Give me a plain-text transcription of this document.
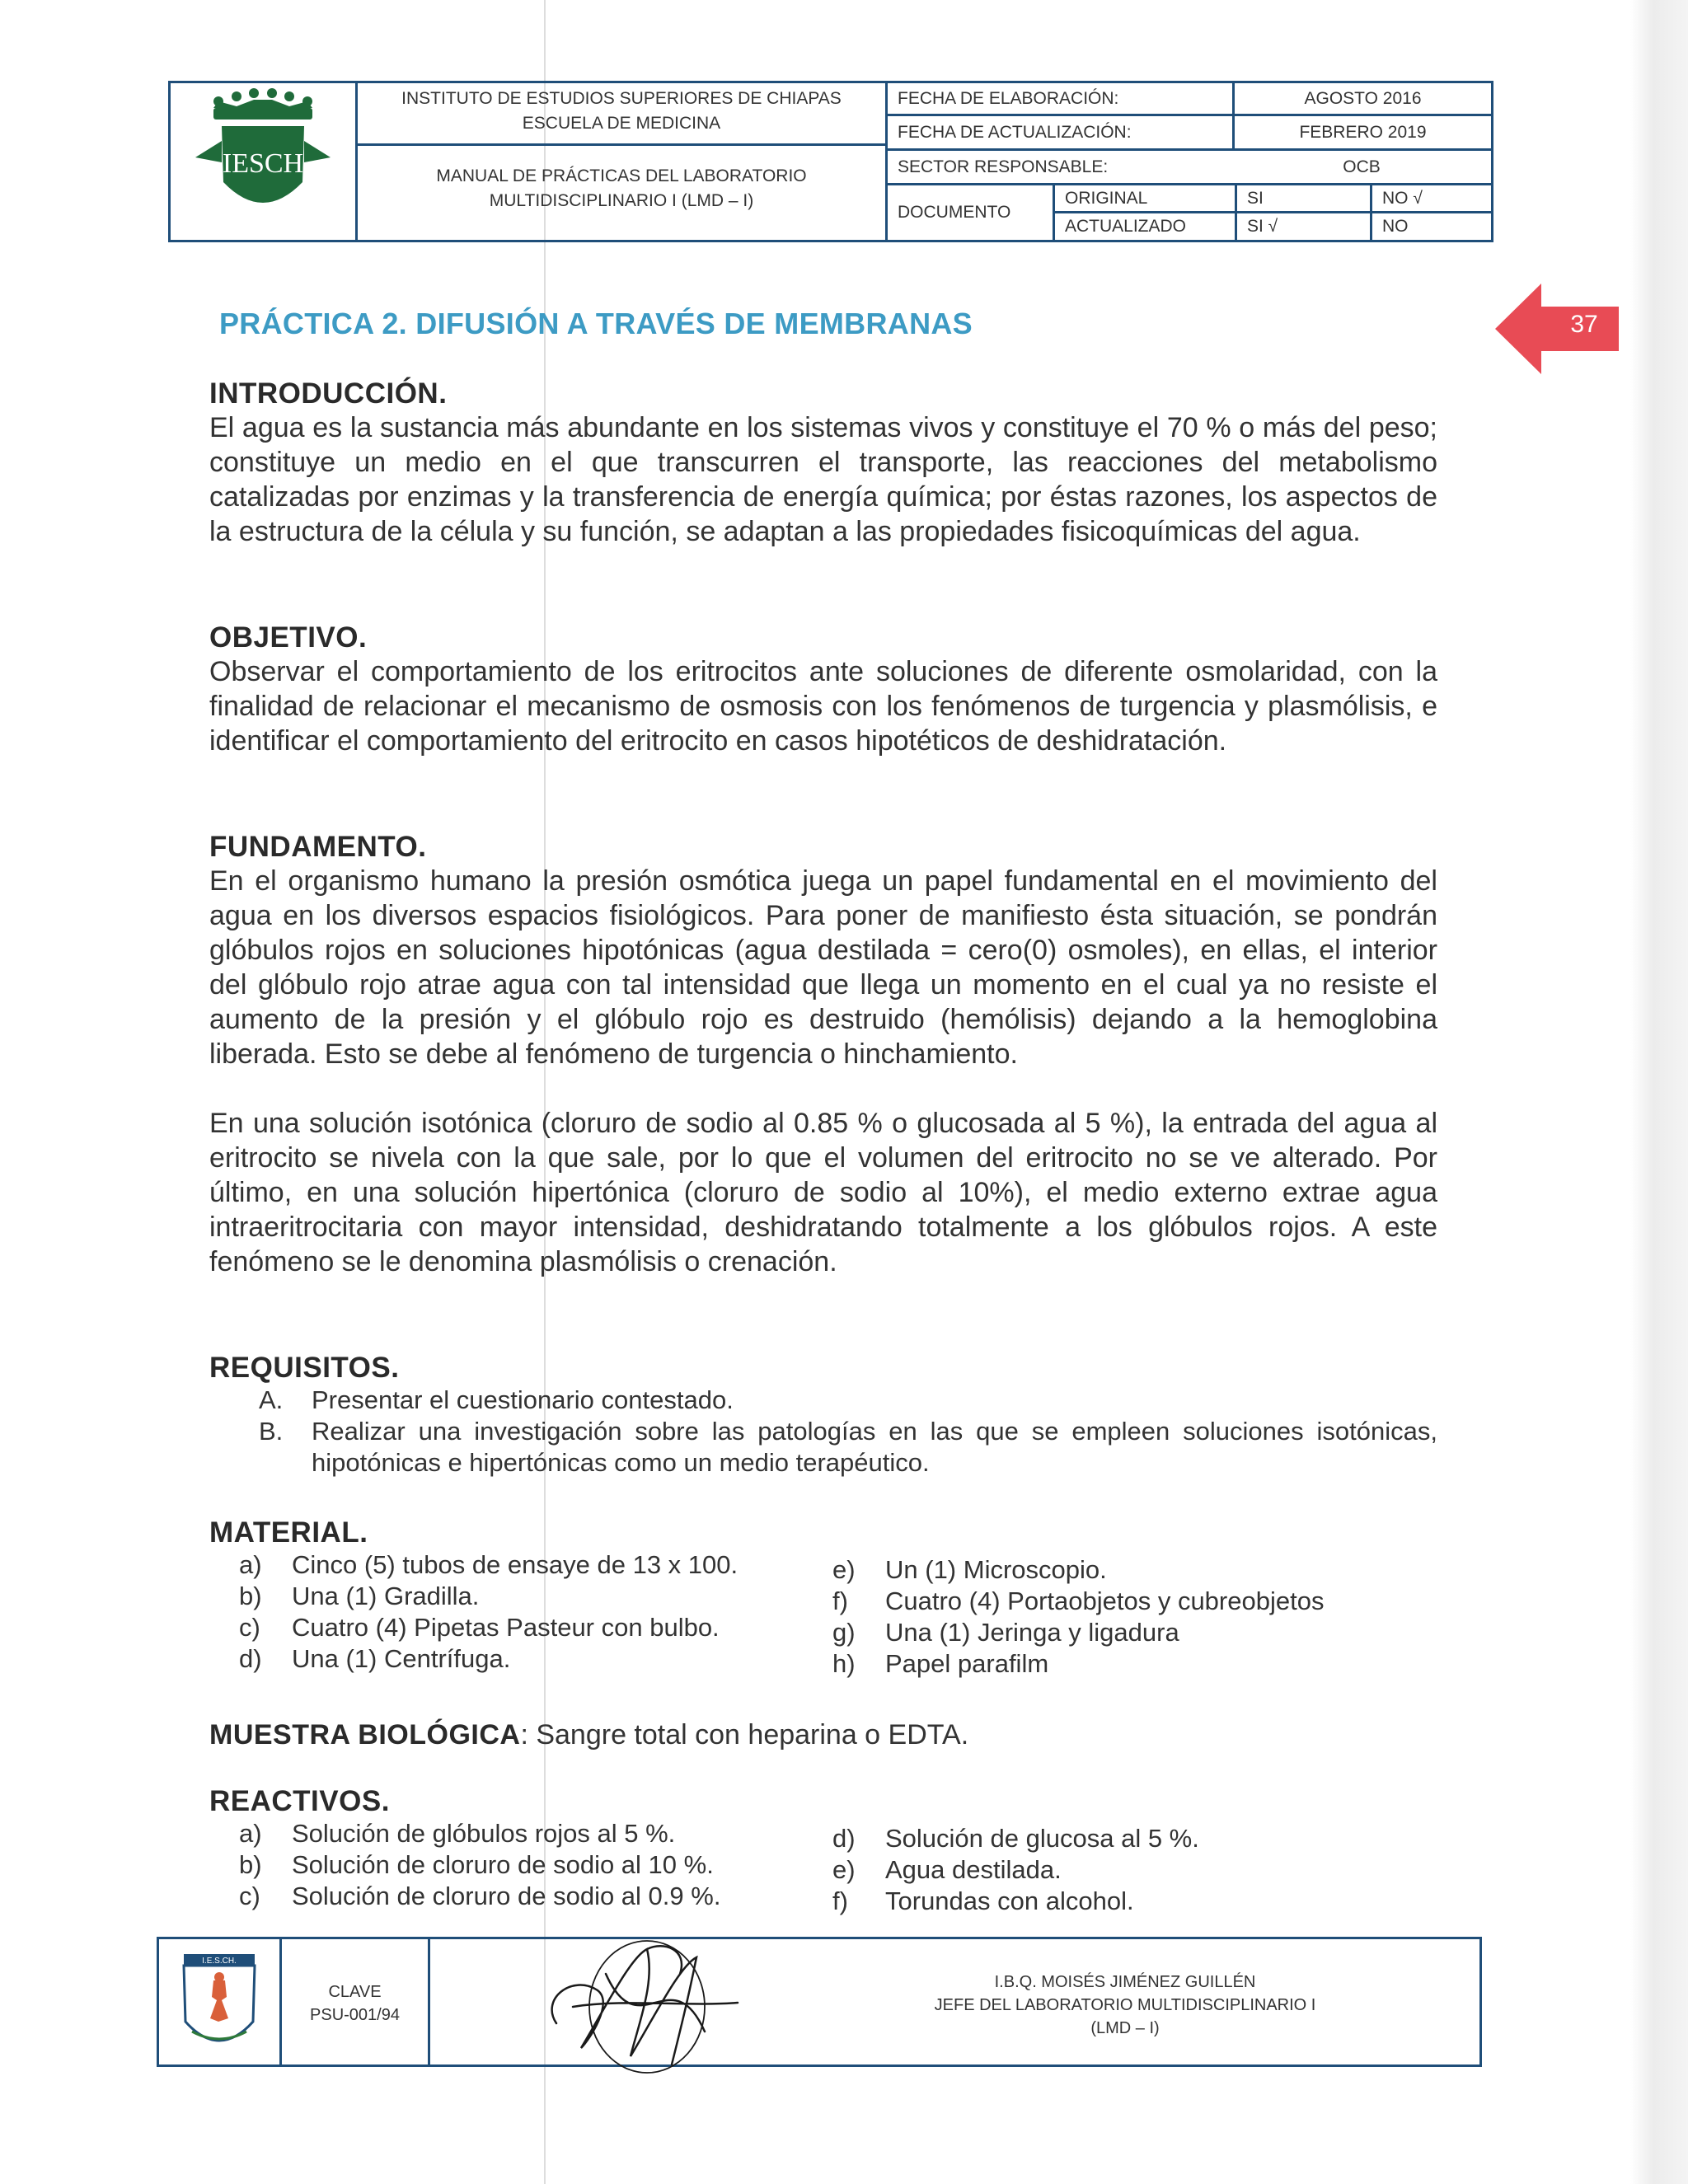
IESCH
INSTITUTO DE ESTUDIOS SUPERIORES DE CHIAPAS
ESCUELA DE MEDICINA
MANUAL DE PRÁCTICAS DEL LABORATORIO
MULTIDISCIPLINARIO I (LMD – I)
FECHA DE ELABORACIÓN:	AGOSTO 2016
FECHA DE ACTUALIZACIÓN:	FEBRERO 2019
SECTOR RESPONSABLE:	OCB
DOCUMENTO
ORIGINAL	SI	NO √
ACTUALIZADO	SI √	NO
PRÁCTICA 2. DIFUSIÓN A TRAVÉS DE MEMBRANAS	37
INTRODUCCIÓN.

El agua es la sustancia más abundante en los sistemas vivos y constituye el 70 % o más del peso; constituye un medio en el que transcurren el transporte, las reacciones del metabolismo catalizadas por enzimas y la transferencia de energía química; por éstas razones, los aspectos de la estructura de la célula y su función, se adaptan a las propiedades fisicoquímicas del agua.

OBJETIVO.

Observar el comportamiento de los eritrocitos ante soluciones de diferente osmolaridad, con la finalidad de relacionar el mecanismo de osmosis con los fenómenos de turgencia y plasmólisis, e identificar el comportamiento del eritrocito en casos hipotéticos de deshidratación.

FUNDAMENTO.

En el organismo humano la presión osmótica juega un papel fundamental en el movimiento del agua en los diversos espacios fisiológicos. Para poner de manifiesto ésta situación, se pondrán glóbulos rojos en soluciones hipotónicas (agua destilada = cero(0) osmoles), en ellas, el interior del glóbulo rojo atrae agua con tal intensidad que llega un momento en el cual ya no resiste el aumento de la presión y el glóbulo rojo es destruido (hemólisis) dejando a la hemoglobina liberada. Esto se debe al fenómeno de turgencia o hinchamiento.

En una solución isotónica (cloruro de sodio al 0.85 % o glucosada al 5 %), la entrada del agua al eritrocito se nivela con la que sale, por lo que el volumen del eritrocito no se ve alterado. Por último, en una solución hipertónica (cloruro de sodio al 10%), el medio externo extrae agua intraeritrocitaria con mayor intensidad, deshidratando totalmente a los glóbulos rojos. A este fenómeno se le denomina plasmólisis o crenación.

REQUISITOS.
A.	Presentar el cuestionario contestado.
B.	Realizar una investigación sobre las patologías en las que se empleen soluciones isotónicas, hipotónicas e hipertónicas como un medio terapéutico.
MATERIAL.
a)	Cinco (5) tubos de ensaye de 13 x 100.
b)	Una (1) Gradilla.
c)	Cuatro (4) Pipetas Pasteur con bulbo.
d)	Una (1) Centrífuga.
e)	Un (1) Microscopio.
f)	Cuatro (4) Portaobjetos y cubreobjetos
g)	Una (1) Jeringa y ligadura
h)	Papel parafilm
MUESTRA BIOLÓGICA: Sangre total con heparina o EDTA.
REACTIVOS.
a)	Solución de glóbulos rojos al 5 %.
b)	Solución de cloruro de sodio al 10 %.
c)	Solución de cloruro de sodio al 0.9 %.
d)	Solución de glucosa al 5 %.
e)	Agua destilada.
f)	Torundas con alcohol.
I.E.S.CH.
CLAVE
PSU-001/94
I.B.Q. MOISÉS JIMÉNEZ GUILLÉN
JEFE DEL LABORATORIO MULTIDISCIPLINARIO I
(LMD – I)
